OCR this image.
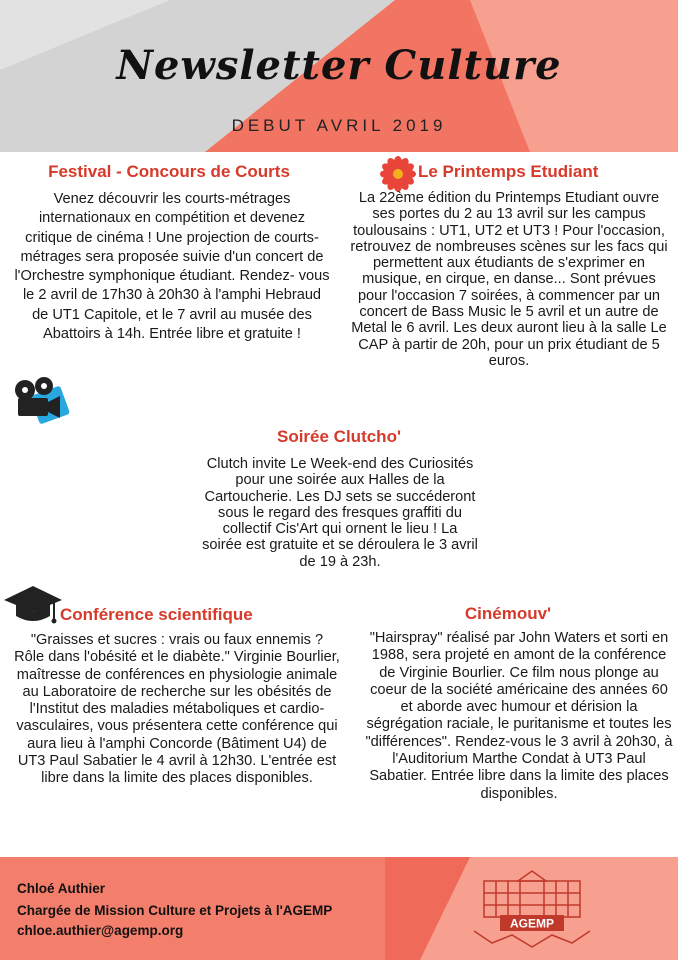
Newsletter Culture
DEBUT AVRIL 2019
Festival - Concours de Courts
Venez découvrir les courts-métrages internationaux en compétition et devenez critique de cinéma ! Une projection de courts-métrages sera proposée suivie d'un concert de l'Orchestre symphonique étudiant. Rendez- vous le 2 avril de 17h30 à 20h30 à l'amphi Hebraud de UT1 Capitole, et le 7 avril au musée des Abattoirs à 14h. Entrée libre et gratuite !
Le Printemps Etudiant
La 22ème édition du Printemps Etudiant ouvre ses portes du 2 au 13 avril sur les campus toulousains : UT1, UT2 et UT3 ! Pour l'occasion, retrouvez de nombreuses scènes sur les facs qui permettent aux étudiants de s'exprimer en musique, en cirque, en danse... Sont prévues pour l'occasion 7 soirées, à commencer par un concert de Bass Music le 5 avril et un autre de Metal le 6 avril. Les deux auront lieu à la salle Le CAP à partir de 20h, pour un prix étudiant de 5 euros.
Soirée Clutcho'
Clutch invite Le Week-end des Curiosités pour une soirée aux Halles de la Cartoucherie. Les DJ sets se succéderont sous le regard des fresques graffiti du collectif Cis'Art qui ornent le lieu ! La soirée est gratuite et se déroulera le 3 avril de 19 à 23h.
Conférence scientifique
"Graisses et sucres : vrais ou faux ennemis ? Rôle dans l'obésité et le diabète." Virginie Bourlier, maîtresse de conférences en physiologie animale au Laboratoire de recherche sur les obésités de l'Institut des maladies métaboliques et cardio-vasculaires, vous présentera cette conférence qui aura lieu à l'amphi Concorde (Bâtiment U4) de UT3 Paul Sabatier le 4 avril à 12h30. L'entrée est libre dans la limite des places disponibles.
Cinémouv'
"Hairspray" réalisé par John Waters et sorti en 1988, sera projeté en amont de la conférence de Virginie Bourlier. Ce film nous plonge au coeur de la société américaine des années 60 et aborde avec humour et dérision la ségrégation raciale, le puritanisme et toutes les "différences". Rendez-vous le 3 avril à 20h30, à l'Auditorium Marthe Condat à UT3 Paul Sabatier. Entrée libre dans la limite des places disponibles.
Chloé Authier
Chargée de Mission Culture et Projets à l'AGEMP
chloe.authier@agemp.org	AGEMP
